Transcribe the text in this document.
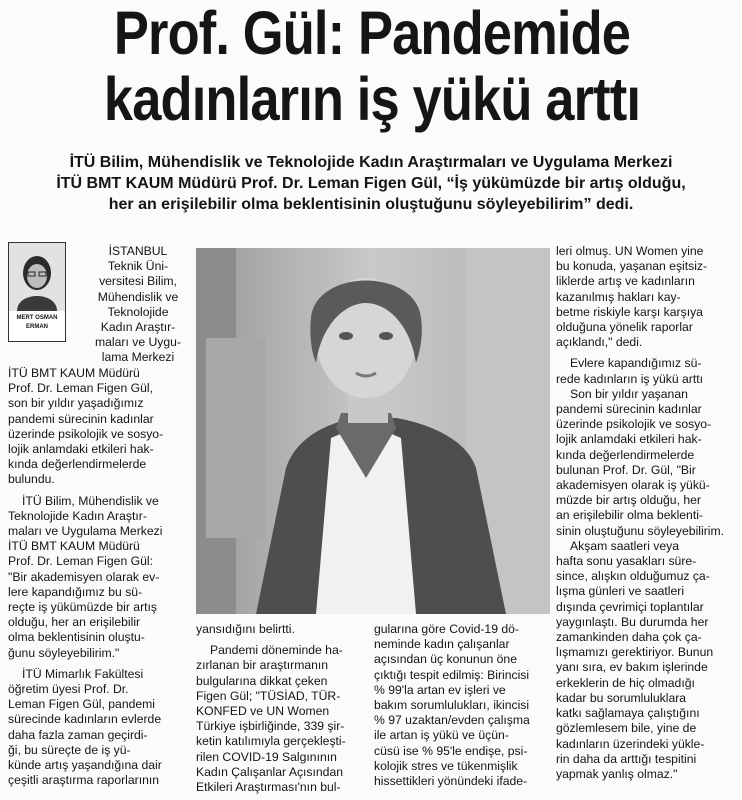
Prof. Gül: Pandemide
kadınların iş yükü arttı
İTÜ Bilim, Mühendislik ve Teknolojide Kadın Araştırmaları ve Uygulama Merkezi
İTÜ BMT KAUM Müdürü Prof. Dr. Leman Figen Gül, “İş yükümüzde bir artış olduğu,
her an erişilebilir olma beklentisinin oluştuğunu söyleyebilirim” dedi.
MERT OSMAN
ERMAN
İSTANBUL
Teknik Üni-
versitesi Bilim,
Mühendislik ve
Teknolojide
Kadın Araştır-
maları ve Uygu-
lama Merkezi
İTÜ BMT KAUM Müdürü
Prof. Dr. Leman Figen Gül,
son bir yıldır yaşadığımız
pandemi sürecinin kadınlar
üzerinde psikolojik ve sosyo-
lojik anlamdaki etkileri hak-
kında değerlendirmelerde
bulundu.
İTÜ Bilim, Mühendislik ve
Teknolojide Kadın Araştır-
maları ve Uygulama Merkezi
İTÜ BMT KAUM Müdürü
Prof. Dr. Leman Figen Gül:
"Bir akademisyen olarak ev-
lere kapandığımız bu sü-
reçte iş yükümüzde bir artış
olduğu, her an erişilebilir
olma beklentisinin oluştu-
ğunu söyleyebilirim."
İTÜ Mimarlık Fakültesi
öğretim üyesi Prof. Dr.
Leman Figen Gül, pandemi
sürecinde kadınların evlerde
daha fazla zaman geçirdi-
ği, bu süreçte de iş yü-
künde artış yaşandığına dair
çeşitli araştırma raporlarının
yansıdığını belirtti.
Pandemi döneminde ha-
zırlanan bir araştırmanın
bulgularına dikkat çeken
Figen Gül; "TÜSİAD, TÜR-
KONFED ve UN Women
Türkiye işbirliğinde, 339 şir-
ketin katılımıyla gerçekleşti-
rilen COVID-19 Salgınının
Kadın Çalışanlar Açısından
Etkileri Araştırması'nın bul-
gularına göre Covid-19 dö-
neminde kadın çalışanlar
açısından üç konunun öne
çıktığı tespit edilmiş: Birincisi
% 99'la artan ev işleri ve
bakım sorumlulukları, ikincisi
% 97 uzaktan/evden çalışma
ile artan iş yükü ve üçün-
cüsü ise % 95'le endişe, psi-
kolojik stres ve tükenmişlik
hissettikleri yönündeki ifade-
leri olmuş. UN Women yine
bu konuda, yaşanan eşitsiz-
liklerde artış ve kadınların
kazanılmış hakları kay-
betme riskiyle karşı karşıya
olduğuna yönelik raporlar
açıklandı," dedi.
Evlere kapandığımız sü-
rede kadınların iş yükü arttı
Son bir yıldır yaşanan
pandemi sürecinin kadınlar
üzerinde psikolojik ve sosyo-
lojik anlamdaki etkileri hak-
kında değerlendirmelerde
bulunan Prof. Dr. Gül, "Bir
akademisyen olarak iş yükü-
müzde bir artış olduğu, her
an erişilebilir olma beklenti-
sinin oluştuğunu söyleyebilirim.
Akşam saatleri veya
hafta sonu yasakları süre-
since, alışkın olduğumuz ça-
lışma günleri ve saatleri
dışında çevrimiçi toplantılar
yaygınlaştı. Bu durumda her
zamankinden daha çok ça-
lışmamızı gerektiriyor. Bunun
yanı sıra, ev bakım işlerinde
erkeklerin de hiç olmadığı
kadar bu sorumluluklara
katkı sağlamaya çalıştığını
gözlemlesem bile, yine de
kadınların üzerindeki yükle-
rin daha da arttığı tespitini
yapmak yanlış olmaz."
